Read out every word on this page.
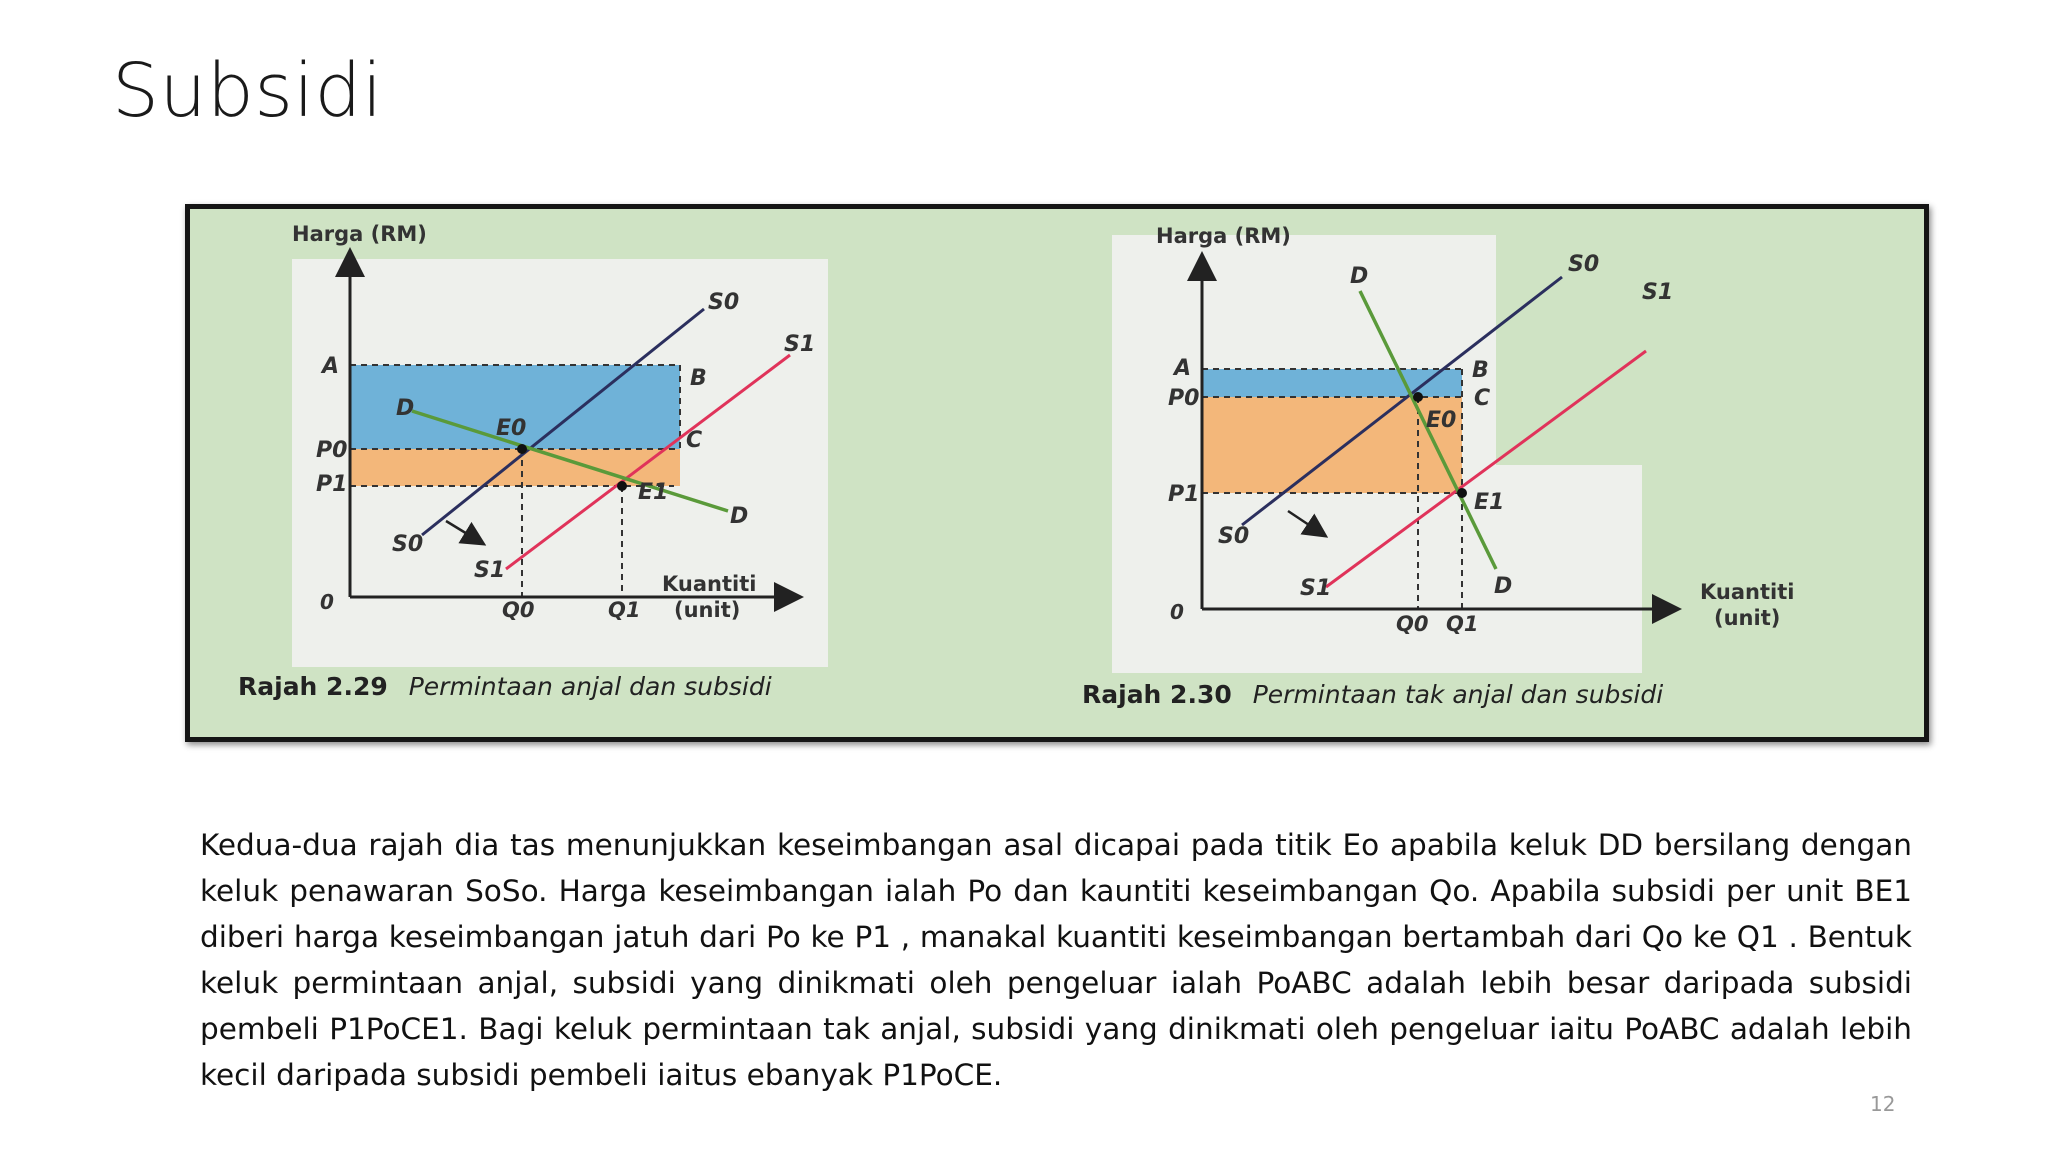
Subsidi
Harga (RM)
Kuantiti
(unit)
0
A
P0
P1
B
C
E0
E1
D
D
S0
S0
S1
S1
Q0	Q1
Rajah 2.29 Permintaan anjal dan subsidi
Harga (RM)
Kuantiti
(unit)
0
A
P0
P1
B
C
E0
E1
D
D
S0
S0
S1
S1
Q0 Q1
Rajah 2.30 Permintaan tak anjal dan subsidi

Kedua-dua rajah dia tas menunjukkan keseimbangan asal dicapai pada titik Eo apabila keluk DD bersilang dengan keluk penawaran SoSo. Harga keseimbangan ialah Po dan kauntiti keseimbangan Qo. Apabila subsidi per unit BE1 diberi harga keseimbangan jatuh dari Po ke P1 , manakal kuantiti keseimbangan bertambah dari Qo ke Q1 . Bentuk keluk permintaan anjal, subsidi yang dinikmati oleh pengeluar ialah PoABC adalah lebih besar daripada subsidi pembeli P1PoCE1. Bagi keluk permintaan tak anjal, subsidi yang dinikmati oleh pengeluar iaitu PoABC adalah lebih kecil daripada subsidi pembeli iaitus ebanyak P1PoCE.

12
